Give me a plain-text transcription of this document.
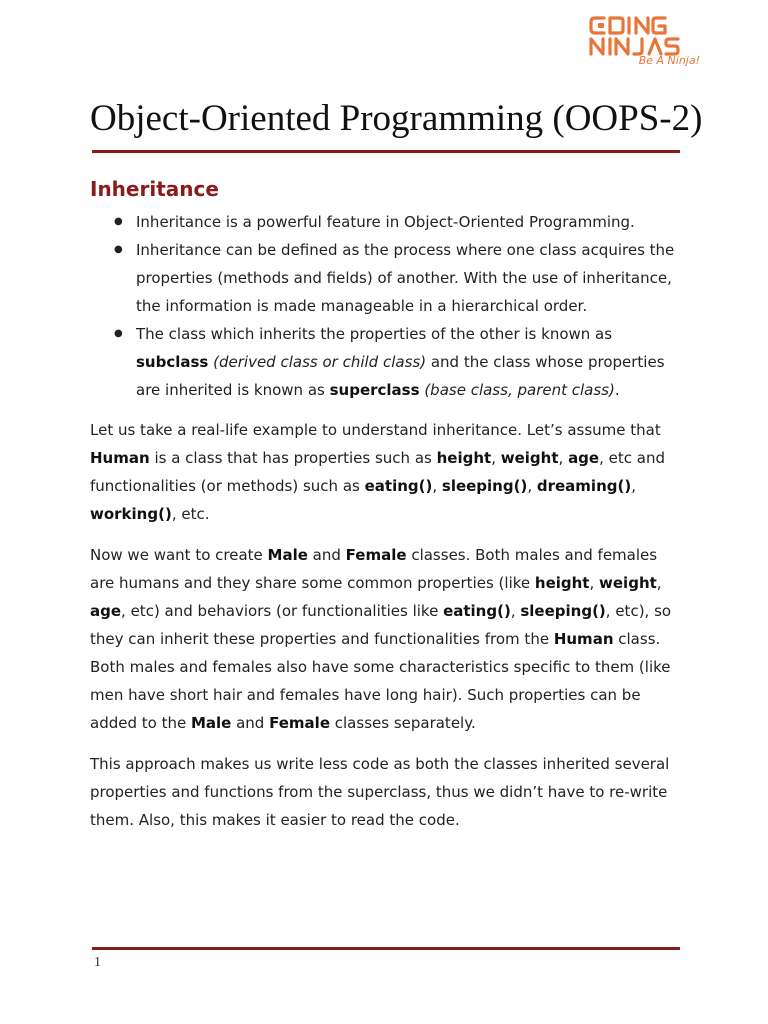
Be A Ninja!
Object-Oriented Programming (OOPS-2)
Inheritance
● Inheritance is a powerful feature in Object-Oriented Programming.
● Inheritance can be defined as the process where one class acquires the properties (methods and fields) of another. With the use of inheritance, the information is made manageable in a hierarchical order.
● The class which inherits the properties of the other is known as subclass (derived class or child class) and the class whose properties are inherited is known as superclass (base class, parent class).

Let us take a real-life example to understand inheritance. Let’s assume that Human is a class that has properties such as height, weight, age, etc and functionalities (or methods) such as eating(), sleeping(), dreaming(), working(), etc.

Now we want to create Male and Female classes. Both males and females are humans and they share some common properties (like height, weight, age, etc) and behaviors (or functionalities like eating(), sleeping(), etc), so they can inherit these properties and functionalities from the Human class. Both males and females also have some characteristics specific to them (like men have short hair and females have long hair). Such properties can be added to the Male and Female classes separately.

This approach makes us write less code as both the classes inherited several properties and functions from the superclass, thus we didn’t have to re-write them. Also, this makes it easier to read the code.

1
